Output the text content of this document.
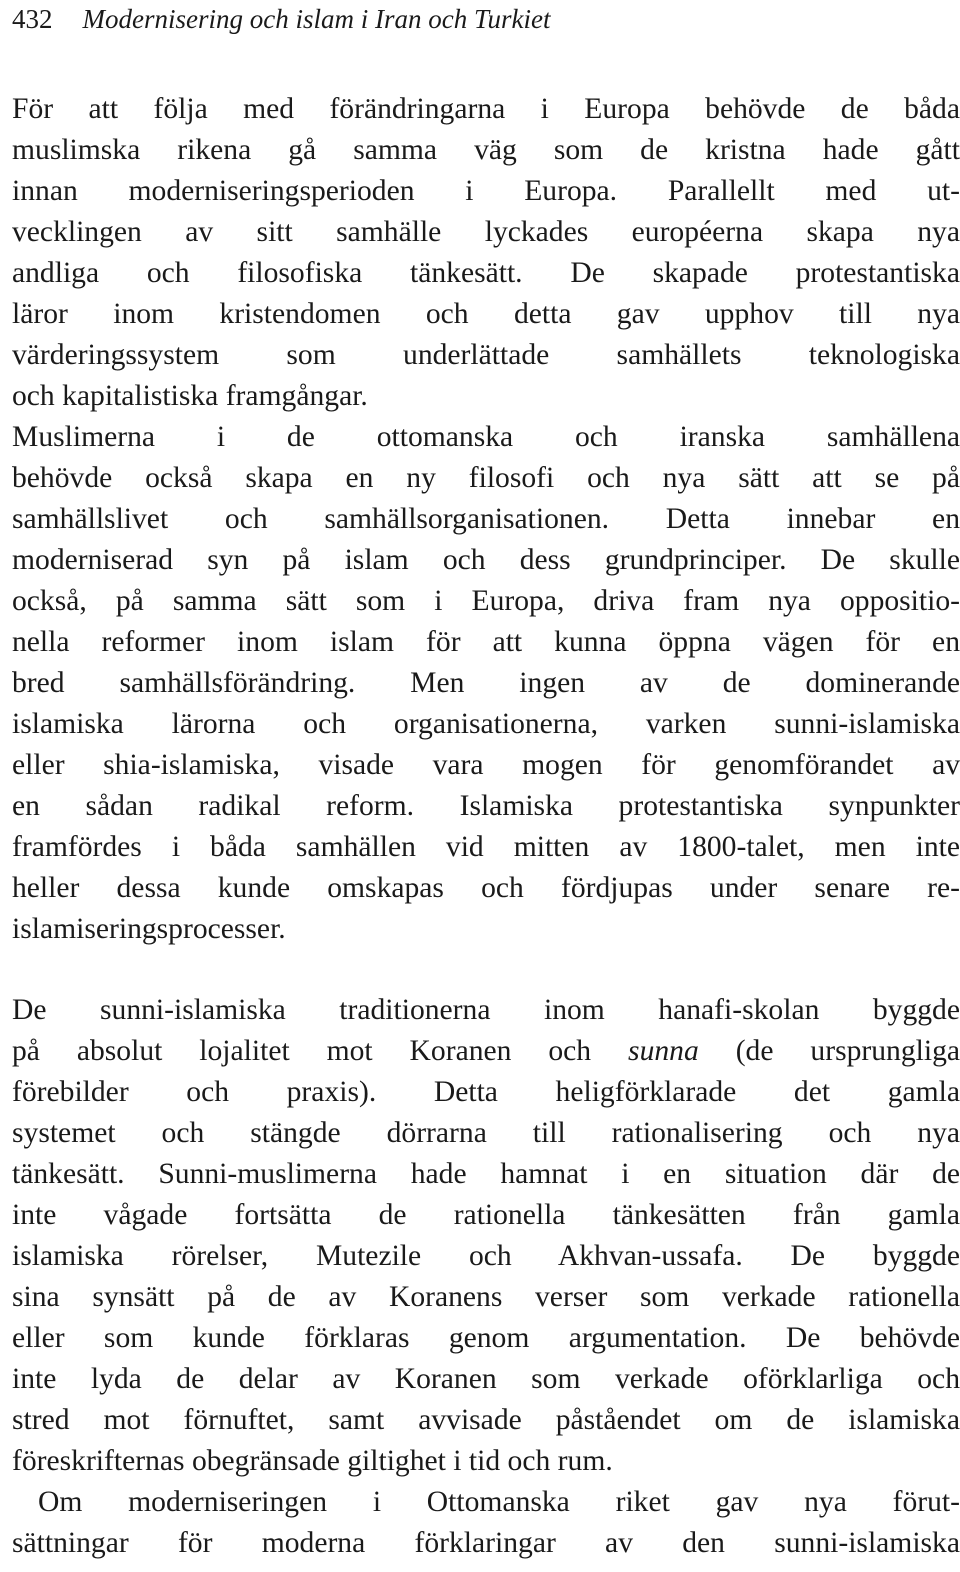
432 Modernisering och islam i Iran och Turkiet
För att följa med förändringarna i Europa behövde de båda
muslimska rikena gå samma väg som de kristna hade gått
innan moderniseringsperioden i Europa. Parallellt med ut-
vecklingen av sitt samhälle lyckades européerna skapa nya
andliga och filosofiska tänkesätt. De skapade protestantiska
läror inom kristendomen och detta gav upphov till nya
värderingssystem som underlättade samhällets teknologiska
och kapitalistiska framgångar.
Muslimerna i de ottomanska och iranska samhällena
behövde också skapa en ny filosofi och nya sätt att se på
samhällslivet och samhällsorganisationen. Detta innebar en
moderniserad syn på islam och dess grundprinciper. De skulle
också, på samma sätt som i Europa, driva fram nya oppositio-
nella reformer inom islam för att kunna öppna vägen för en
bred samhällsförändring. Men ingen av de dominerande
islamiska lärorna och organisationerna, varken sunni-islamiska
eller shia-islamiska, visade vara mogen för genomförandet av
en sådan radikal reform. Islamiska protestantiska synpunkter
framfördes i båda samhällen vid mitten av 1800-talet, men inte
heller dessa kunde omskapas och fördjupas under senare re-
islamiseringsprocesser.
De sunni-islamiska traditionerna inom hanafi-skolan byggde
på absolut lojalitet mot Koranen och sunna (de ursprungliga
förebilder och praxis). Detta heligförklarade det gamla
systemet och stängde dörrarna till rationalisering och nya
tänkesätt. Sunni-muslimerna hade hamnat i en situation där de
inte vågade fortsätta de rationella tänkesätten från gamla
islamiska rörelser, Mutezile och Akhvan-ussafa. De byggde
sina synsätt på de av Koranens verser som verkade rationella
eller som kunde förklaras genom argumentation. De behövde
inte lyda de delar av Koranen som verkade oförklarliga och
stred mot förnuftet, samt avvisade påståendet om de islamiska
föreskrifternas obegränsade giltighet i tid och rum.
Om moderniseringen i Ottomanska riket gav nya förut-
sättningar för moderna förklaringar av den sunni-islamiska
